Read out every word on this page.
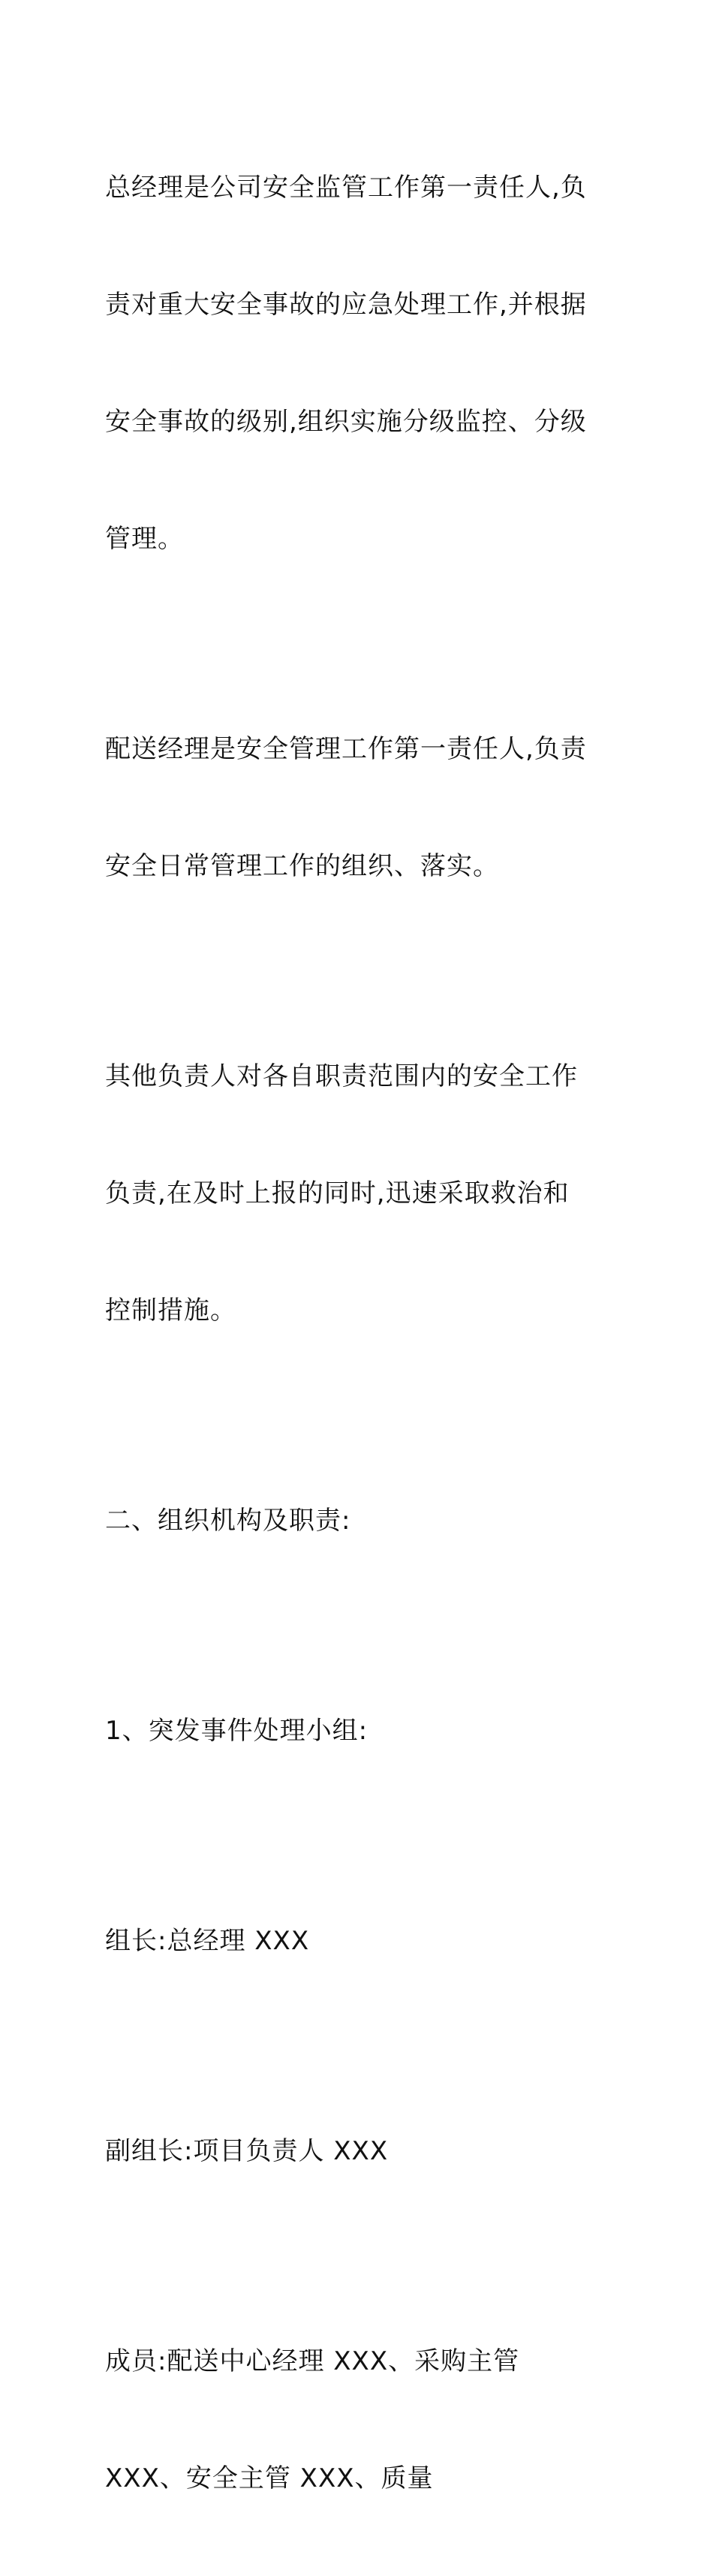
总经理是公司安全监管工作第一责任人,负

责对重大安全事故的应急处理工作,并根据

安全事故的级别,组织实施分级监控、分级

管理。

配送经理是安全管理工作第一责任人,负责

安全日常管理工作的组织、落实。

其他负责人对各自职责范围内的安全工作

负责,在及时上报的同时,迅速采取救治和

控制措施。

二、组织机构及职责:

1、突发事件处理小组:

组长:总经理 XXX

副组长:项目负责人 XXX

成员:配送中心经理 XXX、采购主管

XXX、安全主管 XXX、质量
